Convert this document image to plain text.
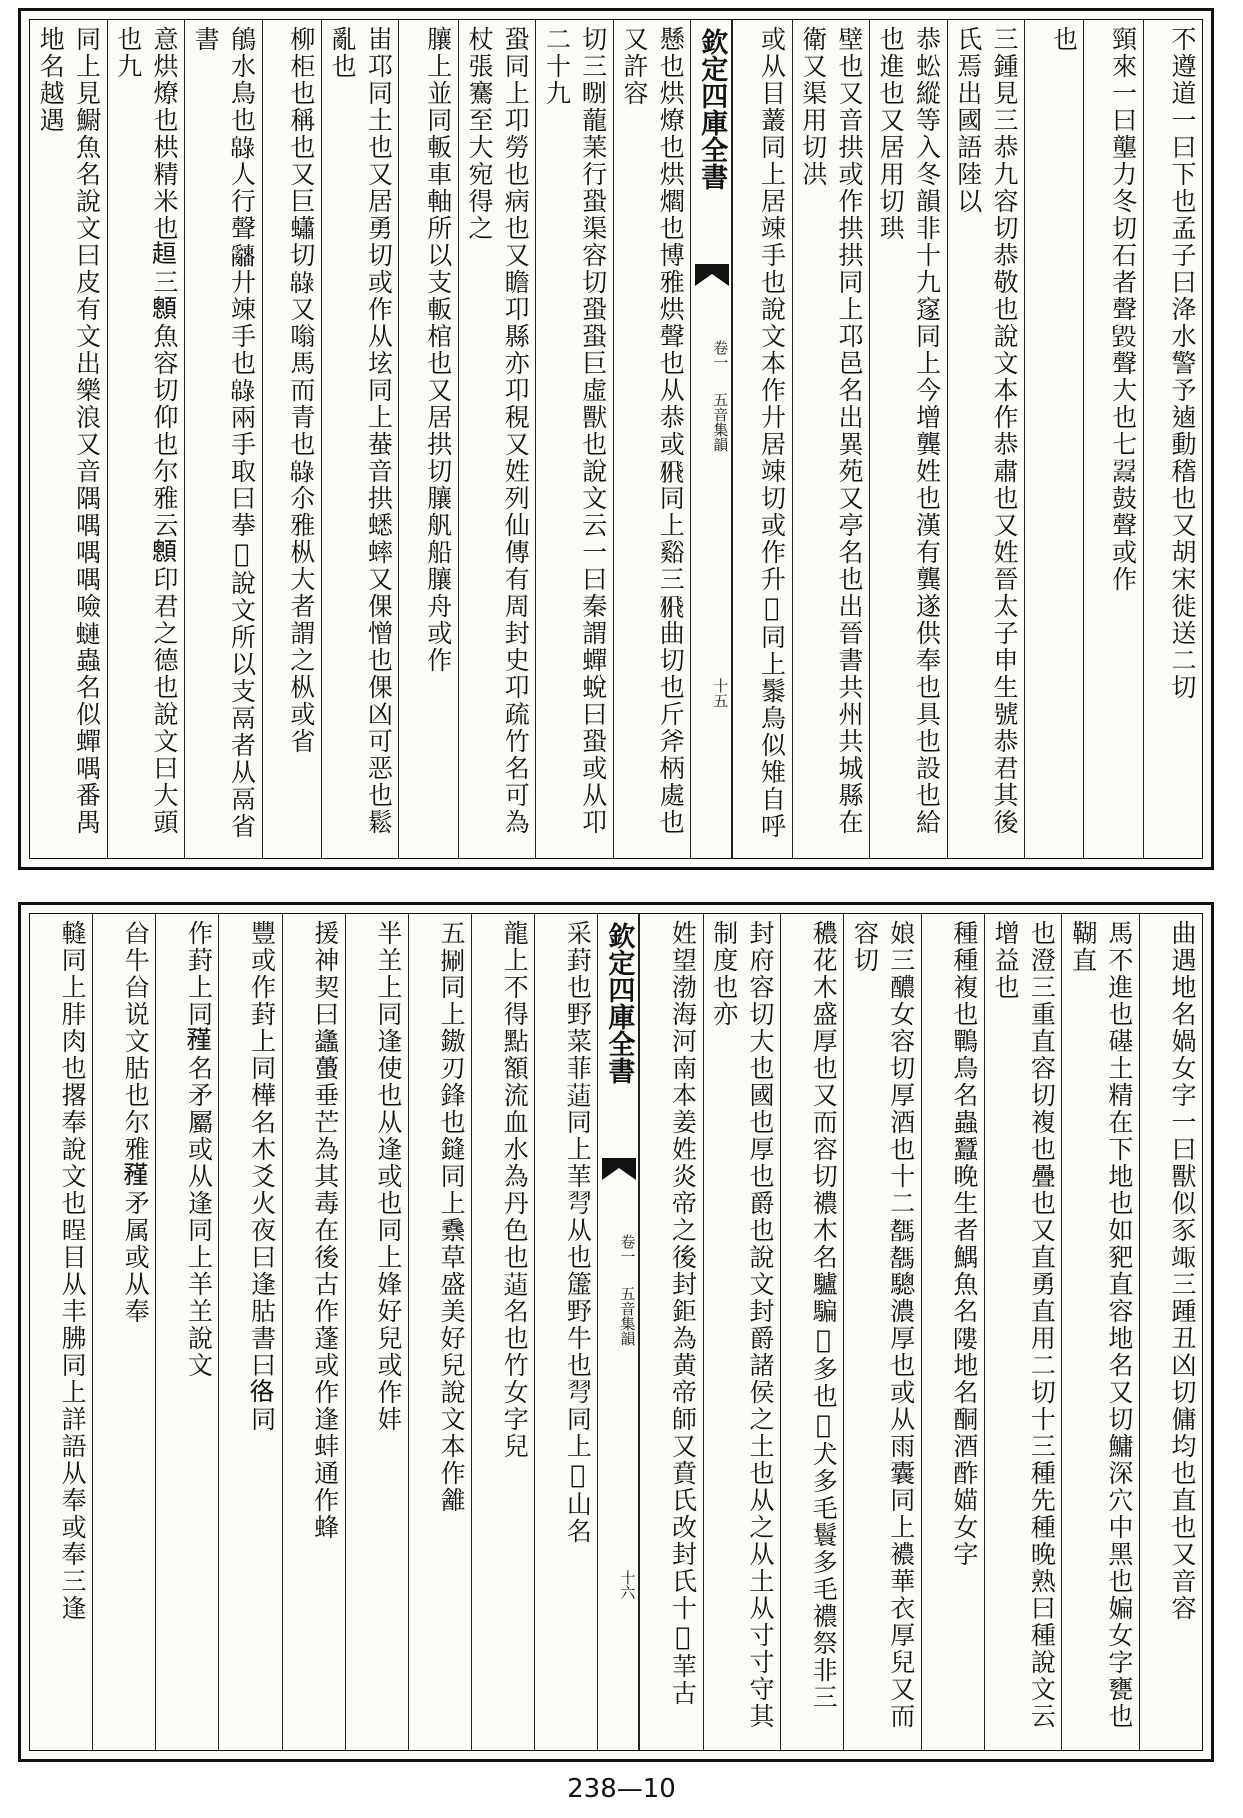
不遵道一曰下也孟子曰洚水警予𨔁動𥡴也又胡宋徙送二切
頸來一曰壟力冬切石者聲𣪷聲大也七𩰲鼓聲或作
也
三鍾見三恭九容切恭敬也說文本作恭肅也又姓晉太子申生號恭君其後氏焉出國語陸以
恭蚣縱等入冬韻非十九䆳同上今增龔姓也漢有龔遂供奉也具也設也給也進也又居用切珙
壁也又音拱或作拱拱同上邛邑名出異苑又亭名也出晉書共州共城縣在衛又渠用切㓋
或从目䕺同上居竦手也說文本作廾居竦切或作升𦍍同上䰍鳥似雉自呼
欽定四庫全書
卷一
五音集韻
十五
懸也烘燎也烘爓也博雅烘聲也从恭或𦐭同上谿三𦐭曲切也斤斧柄處也又許容
切三𥇂蘢䒹行蛩渠容切蛩蛩巨虛獸也說文云一曰秦謂蟬蛻曰蛩或从卭二十九
蛩同上卭勞也病也又瞻卭縣亦卭䅐又姓列仙傳有周封史卭疏竹名可為杖張騫至大宛得之
䑋上並同䡊車軸所以支䡊棺也又居拱切䑋舤船䑋舟或作
峀邛同土也又居勇切或作从𡊨同上蛬音拱蟋蟀又倮憎也倮凶可恶也鬆亂也
柳柜也稱也又巨蠨切𢅞又嗡馬而青也𢅞尒雅枞大者謂之枞或省
䳌水鳥也𢅞人行聲𤕌廾竦手也𢅞兩手取曰拲𥆴說文所以支鬲者从鬲省書
意烘燎也栱精米也𧻚三𩕄魚容切仰也尔雅云𩕄印君之德也說文曰大頭也九
同上見䲁魚名說文曰皮有文出樂浪又音隅喁喁喁噞𧐖蟲名似蟬喁番禺地名越遇
曲遇地名媧女字一曰獸似豕𥪏三踵丑凶切傭均也直也又音容
馬不進也𥕛土精在下地也如豝直容地名又切鱅深穴中黑也媥女字甕也䩴直
也澄三重直容切複也疊也又直勇直用二切十三種先種晚熟曰種說文云增益也
種種複也鷤鳥名蟲蠶晚生者鰅魚名𨻻地名酮酒酢媌女字
娘三醲女容切厚酒也十二𩥞𩥞驄濃厚也或从雨囊同上襛華衣厚兒又而容切
穠花木盛厚也又而容切禯木名驢騙𧎧多也𨾗犬多毛鬟多毛禯祭非三
封府容切大也國也厚也爵也說文封爵諸侯之土也从之从土从寸寸守其制度也亦
姓望渤海河南本姜姓炎帝之後封鉅為黄帝師又賁氏改封氏十𡉣䒠古
欽定四庫全書
卷一
五音集韻
十六
采葑也野菜菲𦷿同上䒠𢏖从也𥲤野牛也𢏖同上𣑈山名
龍上不得點額流血水為丹色也𦷿名也竹女字兒
五𢯍同上𨫼刃鋒也鏠同上䄟草盛美好兒說文本作䨄
半𦍌上同逢使也从逢或也同上㛔好兒或作妦
援神契曰蠭蠆垂芒為其毒在後古作蓬或作逢蚌通作蜂
豐或作葑上同樺名木爻火夜曰逢𦙶書曰𢓜同
作葑上同𥎊名矛屬或从逢同上羊𦍌說文
㒶牛㒶说文𦙶也尔雅𥎊矛属或从奉
䡫同上肨肉也撂奉說文也睈目从丰胇同上詳語从奉或奉三逢
238—10
